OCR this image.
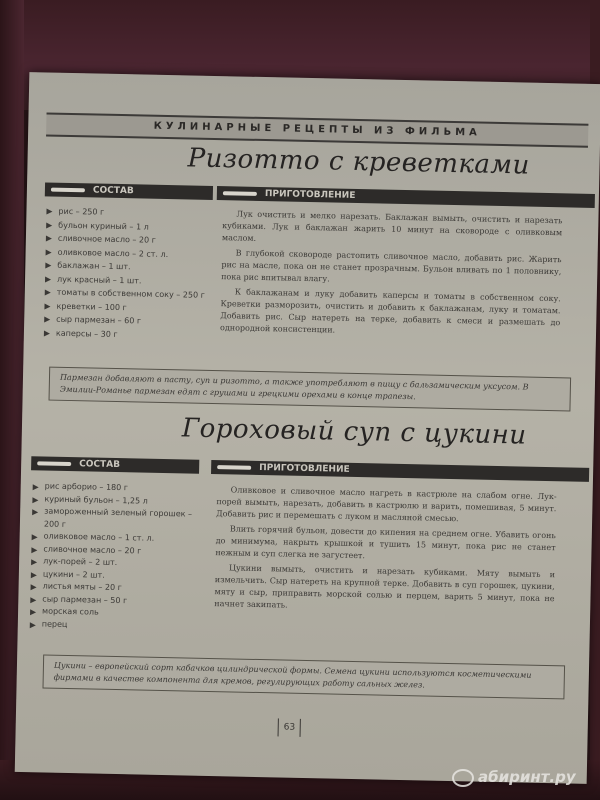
КУЛИНАРНЫЕ РЕЦЕПТЫ ИЗ ФИЛЬМА
Ризотто с креветками
СОСТАВ	ПРИГОТОВЛЕНИЕ
рис – 250 г
бульон куриный – 1 л
сливочное масло – 20 г
оливковое масло – 2 ст. л.
баклажан – 1 шт.
лук красный – 1 шт.
томаты в собственном соку – 250 г
креветки – 100 г
сыр пармезан – 60 г
каперсы – 30 г

Лук очистить и мелко нарезать. Баклажан вымыть, очистить и нарезать кубиками. Лук и баклажан жарить 10 минут на сковороде с оливковым маслом.

В глубокой сковороде растопить сливочное масло, добавить рис. Жарить рис на масле, пока он не станет прозрачным. Бульон вливать по 1 половнику, пока рис впитывал влагу.

К баклажанам и луку добавить каперсы и томаты в собственном соку. Креветки разморозить, очистить и добавить к баклажанам, луку и томатам. Добавить рис. Сыр натереть на терке, добавить к смеси и размешать до однородной консистенции.

Пармезан добавляют в пасту, суп и ризотто, а также употребляют в пищу с бальзамическим уксусом. В Эмилии-Романье пармезан едят с грушами и грецкими орехами в конце трапезы.
Гороховый суп с цукини
СОСТАВ	ПРИГОТОВЛЕНИЕ
рис арборио – 180 г
куриный бульон – 1,25 л
замороженный зеленый горошек – 200 г
оливковое масло – 1 ст. л.
сливочное масло – 20 г
лук-порей – 2 шт.
цукини – 2 шт.
листья мяты – 20 г
сыр пармезан – 50 г
морская соль
перец

Оливковое и сливочное масло нагреть в кастрюле на слабом огне. Лук-порей вымыть, нарезать, добавить в кастрюлю и варить, помешивая, 5 минут. Добавить рис и перемешать с луком и масляной смесью.

Влить горячий бульон, довести до кипения на среднем огне. Убавить огонь до минимума, накрыть крышкой и тушить 15 минут, пока рис не станет нежным и суп слегка не загустеет.

Цукини вымыть, очистить и нарезать кубиками. Мяту вымыть и измельчить. Сыр натереть на крупной терке. Добавить в суп горошек, цукини, мяту и сыр, приправить морской солью и перцем, варить 5 минут, пока не начнет закипать.

Цукини – европейский сорт кабачков цилиндрической формы. Семена цукини используются косметическими фирмами в качестве компонента для кремов, регулирующих работу сальных желез.
63
абиринт.ру
